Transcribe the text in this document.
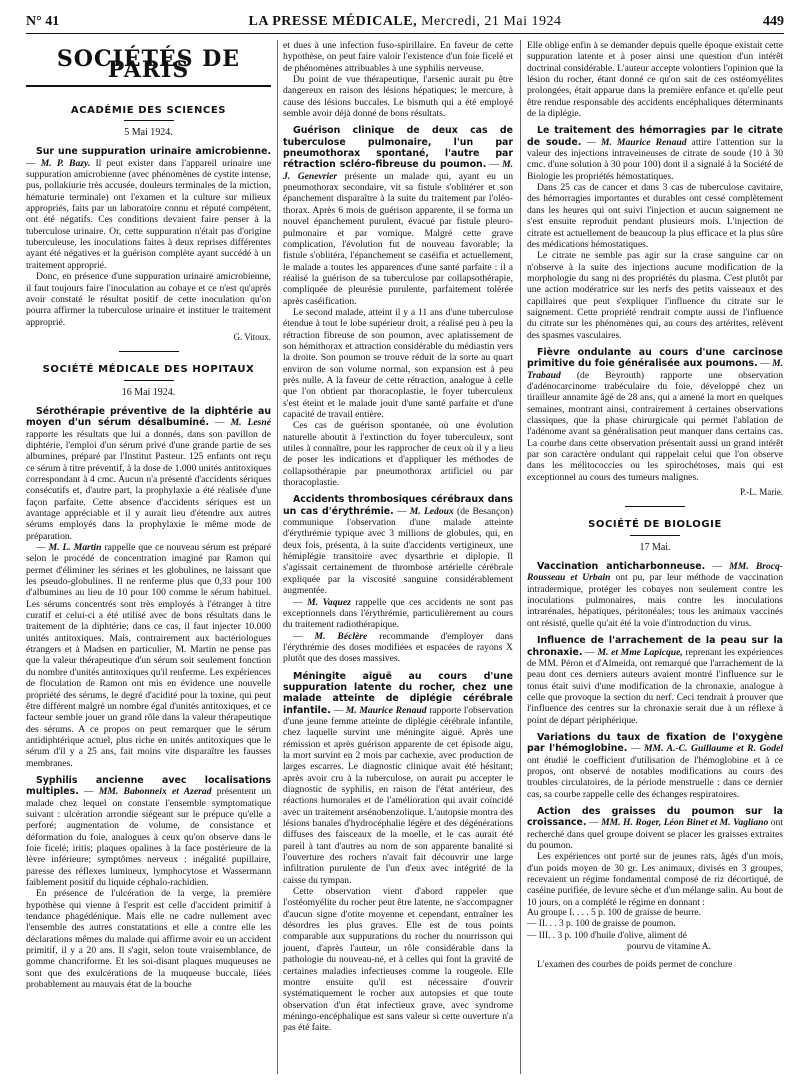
N° 41	LA PRESSE MÉDICALE, Mercredi, 21 Mai 1924	449
SOCIÉTÉS DE PARIS
ACADÉMIE DES SCIENCES
5 Mai 1924.

Sur une suppuration urinaire amicrobienne. — M. P. Bazy. Il peut exister dans l'appareil urinaire une suppuration amicrobienne (avec phénomènes de cystite intense, pus, pollakiurie très accusée, douleurs terminales de la miction, hématurie terminale) ont l'examen et la culture sur milieux appropriés, faits par un laboratoire connu et réputé compétent, ont été négatifs. Ces conditions devaient faire penser à la tuberculose urinaire. Or, cette suppuration n'était pas d'origine tuberculeuse, les inoculations faites à deux reprises différentes ayant été négatives et la guérison complète ayant succédé à un traitement approprié.

Donc, en présence d'une suppuration urinaire amicrobienne, il faut toujours faire l'inoculation au cobaye et ce n'est qu'après avoir constaté le résultat positif de cette inoculation qu'on pourra affirmer la tuberculose urinaire et instituer le traitement approprié.

G. Vitoux.
SOCIÉTÉ MÉDICALE DES HOPITAUX
16 Mai 1924.

Sérothérapie préventive de la diphtérie au moyen d'un sérum désalbuminé. — M. Lesné rapporte les résultats que lui a donnés, dans son pavillon de diphtérie, l'emploi d'un sérum privé d'une grande partie de ses albumines, préparé par l'Institut Pasteur. 125 enfants ont reçu ce sérum à titre préventif, à la dose de 1.000 unités antitoxiques correspondant à 4 cmc. Aucun n'a présenté d'accidents sériques consécutifs et, d'autre part, la prophylaxie a été réalisée d'une façon parfaite. Cette absence d'accidents sériques est un avantage appréciable et il y aurait lieu d'étendre aux autres sérums employés dans la prophylaxie le même mode de préparation.

— M. L. Martin rappelle que ce nouveau sérum est préparé selon le procédé de concentration imaginé par Ramon qui permet d'éliminer les sérines et les globulines, ne laissant que les pseudo-globulines. Il ne renferme plus que 0,33 pour 100 d'albumines au lieu de 10 pour 100 comme le sérum habituel. Les sérums concentrés sont très employés à l'étranger à titre curatif et celui-ci a été utilisé avec de bons résultats dans le traitement de la diphtérie; dans ce cas, il faut injecter 10.000 unités antitoxiques. Mais, contrairement aux bactériologues étrangers et à Madsen en particulier, M. Martin ne pense pas que la valeur thérapeutique d'un sérum soit seulement fonction du nombre d'unités antitoxiques qu'il renferme. Les expériences de floculation de Ramon ont mis en évidence une nouvelle propriété des sérums, le degré d'acidité pour la toxine, qui peut être différent malgré un nombre égal d'unités antitoxiques, et ce facteur semble jouer un grand rôle dans la valeur thérapeutique des sérums. A ce propos on peut remarquer que le sérum antidiphtérique actuel, plus riche en unités antitoxiques que le sérum d'il y a 25 ans, fait moins vite disparaître les fausses membranes.

Syphilis ancienne avec localisations multiples. — MM. Babonneix et Azerad présentent un malade chez lequel on constate l'ensemble symptomatique suivant : ulcération arrondie siégeant sur le prépuce qu'elle a perforé; augmentation de volume, de consistance et déformation du foie, analogues à ceux qu'on observe dans le foie ficelé; iritis; plaques opalines à la face postérieure de la lèvre inférieure; symptômes nerveux : inégalité pupillaire, paresse des réflexes lumineux, lymphocytose et Wassermann faiblement positif du liquide céphalo-rachidien.

En présence de l'ulcération de la verge, la première hypothèse qui vienne à l'esprit est celle d'accident primitif à tendance phagédénique. Mais elle ne cadre nullement avec l'ensemble des autres constatations et elle a contre elle les déclarations mêmes du malade qui affirme avoir eu un accident primitif, il y a 20 ans. Il s'agit, selon toute vraisemblance, de gomme chancriforme. Et les soi-disant plaques muqueuses ne sont que des exulcérations de la muqueuse buccale, liées probablement au mauvais état de la bouche

et dues à une infection fuso-spirillaire. En faveur de cette hypothèse, on peut faire valoir l'existence d'un foie ficelé et de phénomènes attribuables à une syphilis nerveuse.

Du point de vue thérapeutique, l'arsenic aurait pu être dangereux en raison des lésions hépatiques; le mercure, à cause des lésions buccales. Le bismuth qui a été employé semble avoir déjà donné de bons résultats.

Guérison clinique de deux cas de tuberculose pulmonaire, l'un par pneumothorax spontané, l'autre par rétraction scléro-fibreuse du poumon. — M. J. Genevrier présente un malade qui, ayant eu un pneumothorax secondaire, vit sa fistule s'oblitérer et son épanchement disparaître à la suite du traitement par l'oléo-thorax. Après 6 mois de guérison apparente, il se forma un nouvel épanchement purulent, évacué par fistule pleuro-pulmonaire et par vomique. Malgré cette grave complication, l'évolution fut de nouveau favorable; la fistule s'oblitéra, l'épanchement se caséifia et actuellement, le malade a toutes les apparences d'une santé parfaite : il a réalisé la guérison de sa tuberculose par collapsothérapie, compliquée de pleurésie purulente, parfaitement tolérée après caséification.

Le second malade, atteint il y a 11 ans d'une tuberculose étendue à tout le lobe supérieur droit, a réalisé peu à peu la rétraction fibreuse de son poumon, avec aplatissement de son hémithorax et attraction considérable du médiastin vers la droite. Son poumon se trouve réduit de la sorte au quart environ de son volume normal, son expansion est à peu près nulle. A la faveur de cette rétraction, analogue à celle que l'on obtient par thoracoplastie, le foyer tuberculeux s'est éteint et le malade jouit d'une santé parfaite et d'une capacité de travail entière.

Ces cas de guérison spontanée, où une évolution naturelle aboutit à l'extinction du foyer tuberculeux, sont utiles à connaître, pour les rapprocher de ceux où il y a lieu de poser les indications et d'appliquer les méthodes de collapsothérapie par pneumothorax artificiel ou par thoracoplastie.

Accidents thrombosiques cérébraux dans un cas d'érythrémie. — M. Ledoux (de Besançon) communique l'observation d'une malade atteinte d'érythrémie typique avec 3 millions de globules, qui, en deux fois, présenta, à la suite d'accidents vertigineux, une hémiplégie transitoire avec dysarthrie et diplopie. Il s'agissait certainement de thrombose artérielle cérébrale expliquée par la viscosité sanguine considérablement augmentée.

— M. Vaquez rappelle que ces accidents ne sont pas exceptionnels dans l'érythrémie, particulièrement au cours du traitement radiothérapique.

— M. Béclère recommande d'employer dans l'érythrémie des doses modifiées et espacées de rayons X plutôt que des doses massives.

Méningite aiguë au cours d'une suppuration latente du rocher, chez une malade atteinte de diplégie cérébrale infantile. — M. Maurice Renaud rapporte l'observation d'une jeune femme atteinte de diplégie cérébrale infantile, chez laquelle survint une méningite aiguë. Après une rémission et après guérison apparente de cet épisode aigu, la mort survint en 2 mois par cachexie, avec production de larges escarres. Le diagnostic clinique avait été hésitant; après avoir cru à la tuberculose, on aurait pu accepter le diagnostic de syphilis, en raison de l'état antérieur, des réactions humorales et de l'amélioration qui avait coïncidé avec un traitement arsénobenzolique. L'autopsie montra des lésions banales d'hydrocéphalie légère et des dégénérations diffuses des faisceaux de la moelle, et le cas aurait été pareil à tant d'autres au nom de son apparente banalité si l'ouverture des rochers n'avait fait découvrir une large infiltration purulente de l'un d'eux avec intégrité de la caisse du tympan.

Cette observation vient d'abord rappeler que l'ostéomyélite du rocher peut être latente, ne s'accompagner d'aucun signe d'otite moyenne et cependant, entraîner les désordres les plus graves. Elle est de tous points comparable aux suppurations du rocher du nourrisson qui jouent, d'après l'auteur, un rôle considérable dans la pathologie du nouveau-né, et à celles qui font la gravité de certaines maladies infectieuses comme la rougeole. Elle montre ensuite qu'il est nécessaire d'ouvrir systématiquement le rocher aux autopsies et que toute observation d'un état infectieux grave, avec syndrome méningo-encéphalique est sans valeur si cette ouverture n'a pas été faite.

Elle oblige enfin à se demander depuis quelle époque existait cette suppuration latente et à poser ainsi une question d'un intérêt doctrinal considérable. L'auteur accepte volontiers l'opinion que la lésion du rocher, étant donné ce qu'on sait de ces ostéomyélites prolongées, était apparue dans la première enfance et qu'elle peut être rendue responsable des accidents encéphaliques déterminants de la diplégie.

Le traitement des hémorragies par le citrate de soude. — M. Maurice Renaud attire l'attention sur la valeur des injections intraveineuses de citrate de soude (10 à 30 cmc. d'une solution à 30 pour 100) dont il a signalé à la Société de Biologie les propriétés hémostatiques.

Dans 25 cas de cancer et dans 3 cas de tuberculose cavitaire, des hémorragies importantes et durables ont cessé complètement dans les heures qui ont suivi l'injection et aucun saignement ne s'est ensuite reproduit pendant plusieurs mois. L'injection de citrate est actuellement de beaucoup la plus efficace et la plus sûre des médications hémostatiques.

Le citrate ne semble pas agir sur la crase sanguine car on n'observe à la suite des injections aucune modification de la morphologie du sang ni des propriétés du plasma. C'est plutôt par une action modératrice sur les nerfs des petits vaisseaux et des capillaires que peut s'expliquer l'influence du citrate sur le saignement. Cette propriété rendrait compte aussi de l'influence du citrate sur les phénomènes qui, au cours des artérites, relèvent des spasmes vasculaires.

Fièvre ondulante au cours d'une carcinose primitive du foie généralisée aux poumons. — M. Trabaud (de Beyrouth) rapporte une observation d'adénocarcinome trabéculaire du foie, développé chez un tirailleur annamite âgé de 28 ans, qui a amené la mort en quelques semaines, montrant ainsi, contrairement à certaines observations classiques, que la phase chirurgicale qui permet l'ablation de l'adénome avant sa généralisation peut manquer dans certains cas. La courbe dans cette observation présentait aussi un grand intérêt par son caractère ondulant qui rappelait celui que l'on observe dans les mélitococcies ou les spirochétoses, mais qui est exceptionnel au cours des tumeurs malignes.

P.-L. Marie.
SOCIÉTÉ DE BIOLOGIE
17 Mai.

Vaccination anticharbonneuse. — MM. Brocq-Rousseau et Urbain ont pu, par leur méthode de vaccination intradermique, protéger les cobayes non seulement contre les inoculations pulmonaires, mais contre les inoculations intrarénales, hépatiques, péritonéales; tous les animaux vaccinés ont résisté, quelle qu'ait été la voie d'introduction du virus.

Influence de l'arrachement de la peau sur la chronaxie. — M. et Mme Lapicque, reprenant les expériences de MM. Péron et d'Almeida, ont remarqué que l'arrachement de la peau dont ces derniers auteurs avaient montré l'influence sur le tonus était suivi d'une modification de la chronaxie, analogue à celle que provoque la section du nerf. Ceci tendrait à prouver que l'influence des centres sur la chronaxie serait due à un réflexe à point de départ périphérique.

Variations du taux de fixation de l'oxygène par l'hémoglobine. — MM. A.-C. Guillaume et R. Godel ont étudié le coefficient d'utilisation de l'hémoglobine et à ce propos, ont observé de notables modifications au cours des troubles circulatoires, de la période menstruelle : dans ce dernier cas, sa courbe rappelle celle des échanges respiratoires.

Action des graisses du poumon sur la croissance. — MM. H. Roger, Léon Binet et M. Vagliano ont recherché dans quel groupe doivent se placer les graisses extraites du poumon.

Les expériences ont porté sur de jeunes rats, âgés d'un mois, d'un poids moyen de 30 gr. Les animaux, divisés en 3 groupes, recevaient un régime fondamental composé de riz décortiqué, de caséine purifiée, de levure sèche et d'un mélange salin. Au bout de 10 jours, on a complété le régime en donnant :

Au groupe I. . . . 5 p. 100 de graisse de beurre.
— II. . . 3 p. 100 de graisse de poumon.
— III. . 3 p. 100 d'huile d'olive, aliment dé
pourvu de vitamine A.

L'examen des courbes de poids permet de conclure
